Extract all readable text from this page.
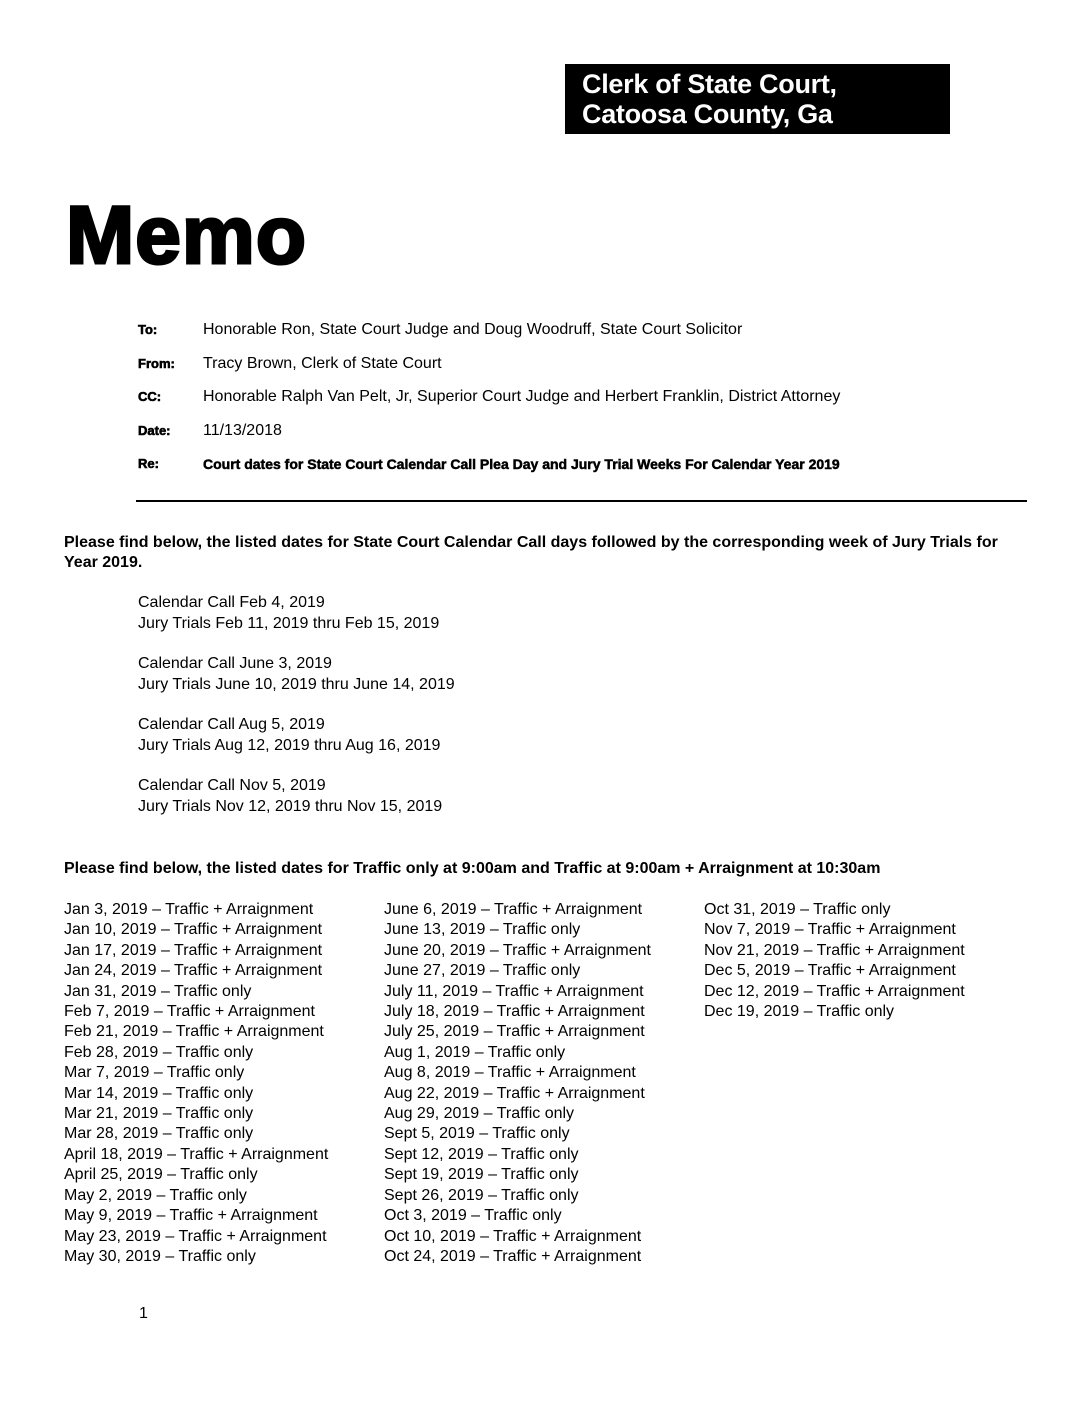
Clerk of State Court,
Catoosa County, Ga
Memo
To:	Honorable Ron, State Court Judge and Doug Woodruff, State Court Solicitor
From: Tracy Brown, Clerk of State Court
CC:	Honorable Ralph Van Pelt, Jr, Superior Court Judge and Herbert Franklin, District Attorney
Date: 11/13/2018
Re:	Court dates for State Court Calendar Call Plea Day and Jury Trial Weeks For Calendar Year 2019
Please find below, the listed dates for State Court Calendar Call days followed by the corresponding week of Jury Trials for Year 2019.
Calendar Call Feb 4, 2019
Jury Trials Feb 11, 2019 thru Feb 15, 2019
Calendar Call June 3, 2019
Jury Trials June 10, 2019 thru June 14, 2019
Calendar Call Aug 5, 2019
Jury Trials Aug 12, 2019 thru Aug 16, 2019
Calendar Call Nov 5, 2019
Jury Trials Nov 12, 2019 thru Nov 15, 2019
Please find below, the listed dates for Traffic only at 9:00am and Traffic at 9:00am + Arraignment at 10:30am
Jan 3, 2019 – Traffic + Arraignment
Jan 10, 2019 – Traffic + Arraignment
Jan 17, 2019 – Traffic + Arraignment
Jan 24, 2019 – Traffic + Arraignment
Jan 31, 2019 – Traffic only
Feb 7, 2019 – Traffic + Arraignment
Feb 21, 2019 – Traffic + Arraignment
Feb 28, 2019 – Traffic only
Mar 7, 2019 – Traffic only
Mar 14, 2019 – Traffic only
Mar 21, 2019 – Traffic only
Mar 28, 2019 – Traffic only
April 18, 2019 – Traffic + Arraignment
April 25, 2019 – Traffic only
May 2, 2019 – Traffic only
May 9, 2019 – Traffic + Arraignment
May 23, 2019 – Traffic + Arraignment
May 30, 2019 – Traffic only
June 6, 2019 – Traffic + Arraignment
June 13, 2019 – Traffic only
June 20, 2019 – Traffic + Arraignment
June 27, 2019 – Traffic only
July 11, 2019 – Traffic + Arraignment
July 18, 2019 – Traffic + Arraignment
July 25, 2019 – Traffic + Arraignment
Aug 1, 2019 – Traffic only
Aug 8, 2019 – Traffic + Arraignment
Aug 22, 2019 – Traffic + Arraignment
Aug 29, 2019 – Traffic only
Sept 5, 2019 – Traffic only
Sept 12, 2019 – Traffic only
Sept 19, 2019 – Traffic only
Sept 26, 2019 – Traffic only
Oct 3, 2019 – Traffic only
Oct 10, 2019 – Traffic + Arraignment
Oct 24, 2019 – Traffic + Arraignment
Oct 31, 2019 – Traffic only
Nov 7, 2019 – Traffic + Arraignment
Nov 21, 2019 – Traffic + Arraignment
Dec 5, 2019 – Traffic + Arraignment
Dec 12, 2019 – Traffic + Arraignment
Dec 19, 2019 – Traffic only
1
